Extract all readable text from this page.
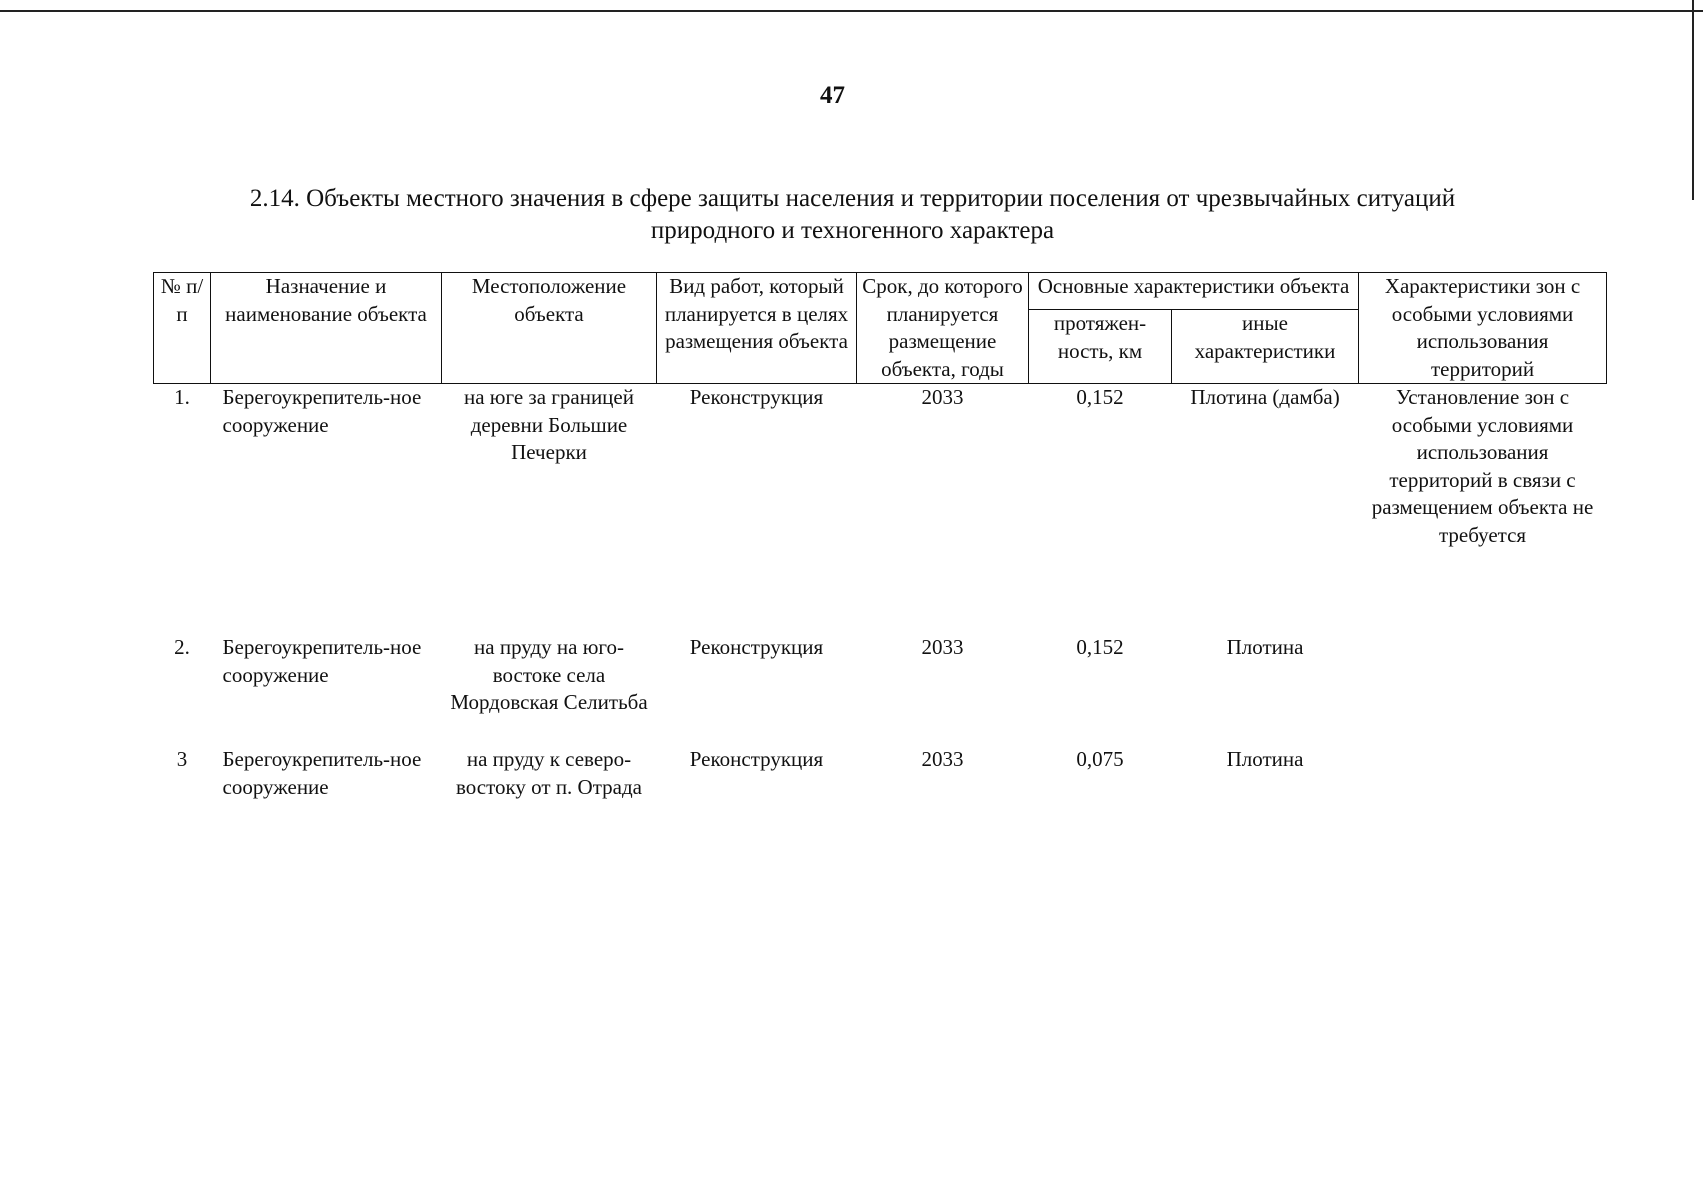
47
2.14. Объекты местного значения в сфере защиты населения и территории поселения от чрезвычайных ситуаций
природного и техногенного характера
№ п/п	Назначение и наименование объекта	Местоположение объекта	Вид работ, который планируется в целях размещения объекта	Срок, до которого планируется размещение объекта, годы	Основные характеристики объекта		Характеристики зон с особыми условиями использования территорий
					протяжен-ность, км	иные характеристики	
1.	Берегоукрепитель-ное сооружение	на юге за границей деревни Большие Печерки	Реконструкция	2033	0,152	Плотина (дамба)	Установление зон с особыми условиями использования территорий в связи с размещением объекта не требуется
2.	Берегоукрепитель-ное сооружение	на пруду на юго-востоке села Мордовская Селитьба	Реконструкция	2033	0,152	Плотина	
3	Берегоукрепитель-ное сооружение	на пруду к северо-востоку от п. Отрада	Реконструкция	2033	0,075	Плотина	
